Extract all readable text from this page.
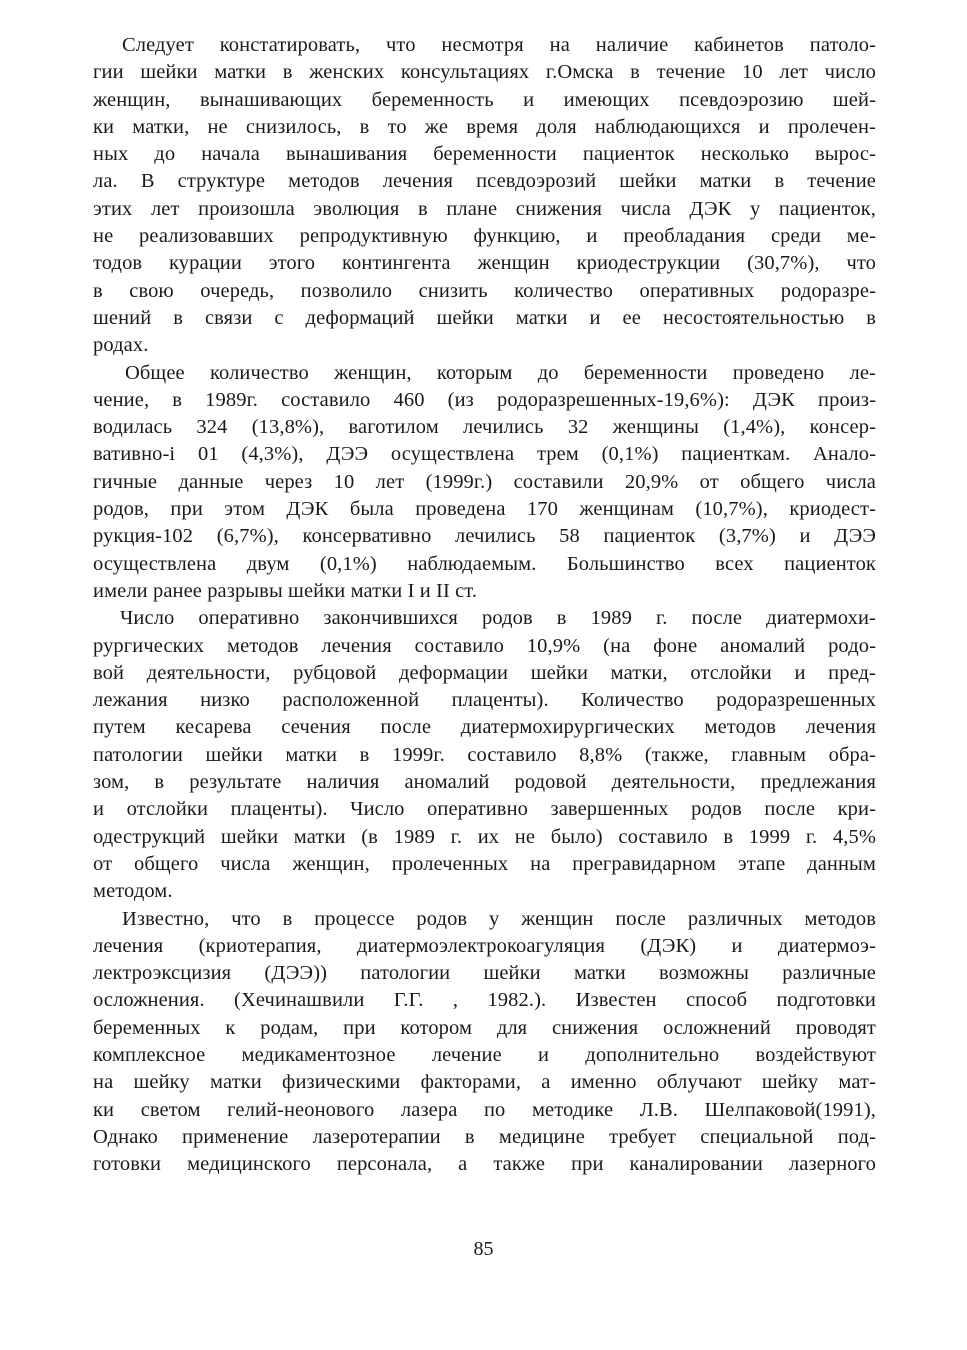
Следует констатировать, что несмотря на наличие кабинетов патоло-
гии шейки матки в женских консультациях г.Омска в течение 10 лет число
женщин, вынашивающих беременность и имеющих псевдоэрозию шей-
ки матки, не снизилось, в то же время доля наблюдающихся и пролечен-
ных до начала вынашивания беременности пациенток несколько вырос-
ла. В структуре методов лечения псевдоэрозий шейки матки в течение
этих лет произошла эволюция в плане снижения числа ДЭК у пациенток,
не реализовавших репродуктивную функцию, и преобладания среди ме-
тодов курации этого контингента женщин криодеструкции (30,7%), что
в свою очередь, позволило снизить количество оперативных родоразре-
шений в связи с деформаций шейки матки и ее несостоятельностью в
родах.
Общее количество женщин, которым до беременности проведено ле-
чение, в 1989г. составило 460 (из родоразрешенных-19,6%): ДЭК произ-
водилась 324 (13,8%), ваготилом лечились 32 женщины (1,4%), консер-
вативно-i 01 (4,3%), ДЭЭ осуществлена трем (0,1%) пациенткам. Анало-
гичные данные через 10 лет (1999г.) составили 20,9% от общего числа
родов, при этом ДЭК была проведена 170 женщинам (10,7%), криодест-
рукция-102 (6,7%), консервативно лечились 58 пациенток (3,7%) и ДЭЭ
осуществлена двум (0,1%) наблюдаемым. Большинство всех пациенток
имели ранее разрывы шейки матки I и II ст.
Число оперативно закончившихся родов в 1989 г. после диатермохи-
рургических методов лечения составило 10,9% (на фоне аномалий родо-
вой деятельности, рубцовой деформации шейки матки, отслойки и пред-
лежания низко расположенной плаценты). Количество родоразрешенных
путем кесарева сечения после диатермохирургических методов лечения
патологии шейки матки в 1999г. составило 8,8% (также, главным обра-
зом, в результате наличия аномалий родовой деятельности, предлежания
и отслойки плаценты). Число оперативно завершенных родов после кри-
одеструкций шейки матки (в 1989 г. их не было) составило в 1999 г. 4,5%
от общего числа женщин, пролеченных на прегравидарном этапе данным
методом.
Известно, что в процессе родов у женщин после различных методов
лечения (криотерапия, диатермоэлектрокоагуляция (ДЭК) и диатермоэ-
лектроэксцизия (ДЭЭ)) патологии шейки матки возможны различные
осложнения. (Хечинашвили Г.Г. , 1982.). Известен способ подготовки
беременных к родам, при котором для снижения осложнений проводят
комплексное медикаментозное лечение и дополнительно воздействуют
на шейку матки физическими факторами, а именно облучают шейку мат-
ки светом гелий-неонового лазера по методике Л.В. Шелпаковой(1991),
Однако применение лазеротерапии в медицине требует специальной под-
готовки медицинского персонала, а также при каналировании лазерного
85
